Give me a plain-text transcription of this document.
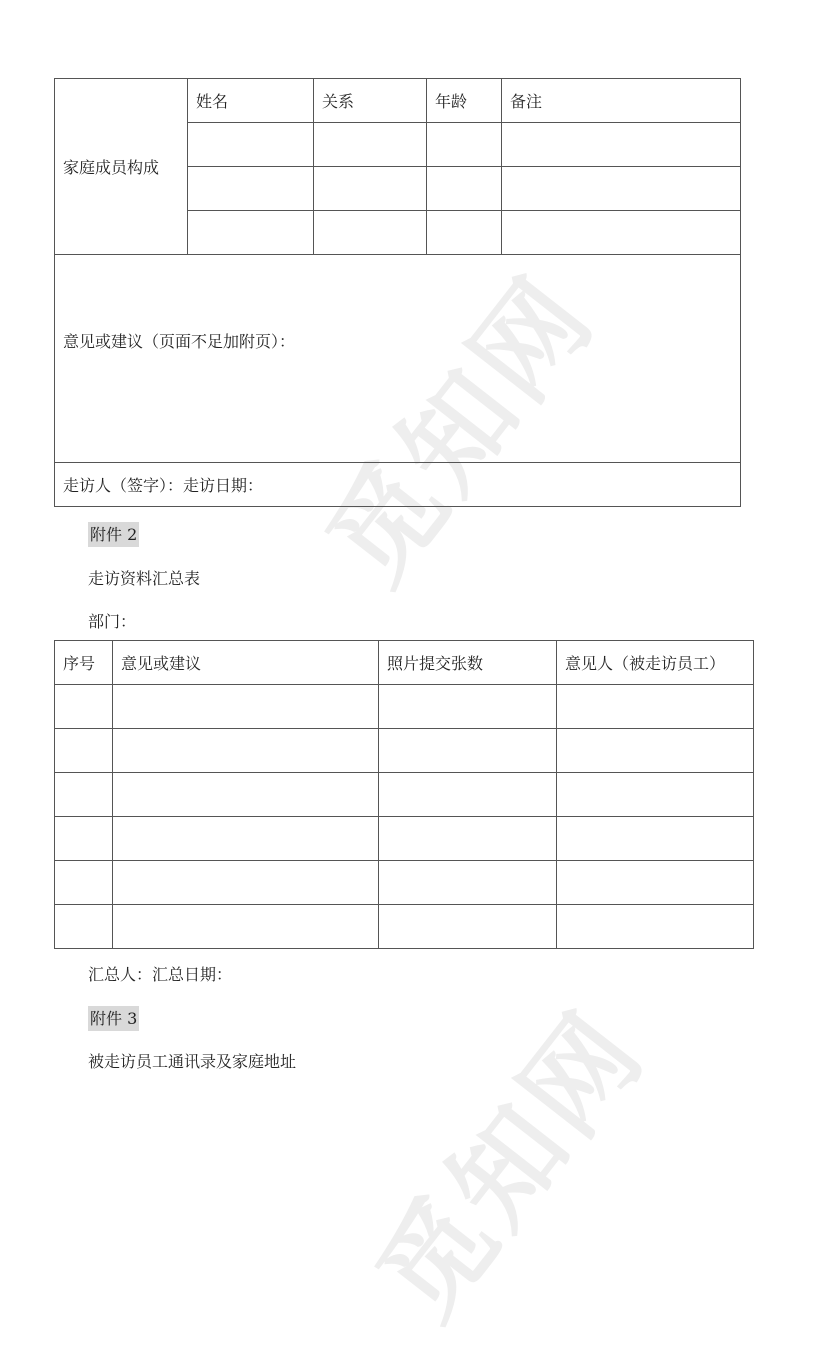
觅知网
觅知网
家庭成员构成	姓名	关系	年龄	备注

意见或建议（页面不足加附页）：				

走访人（签字）：走访日期：				
附件 2
走访资料汇总表
部门：
序号	意见或建议	照片提交张数	意见人（被走访员工）

汇总人：汇总日期：
附件 3
被走访员工通讯录及家庭地址
